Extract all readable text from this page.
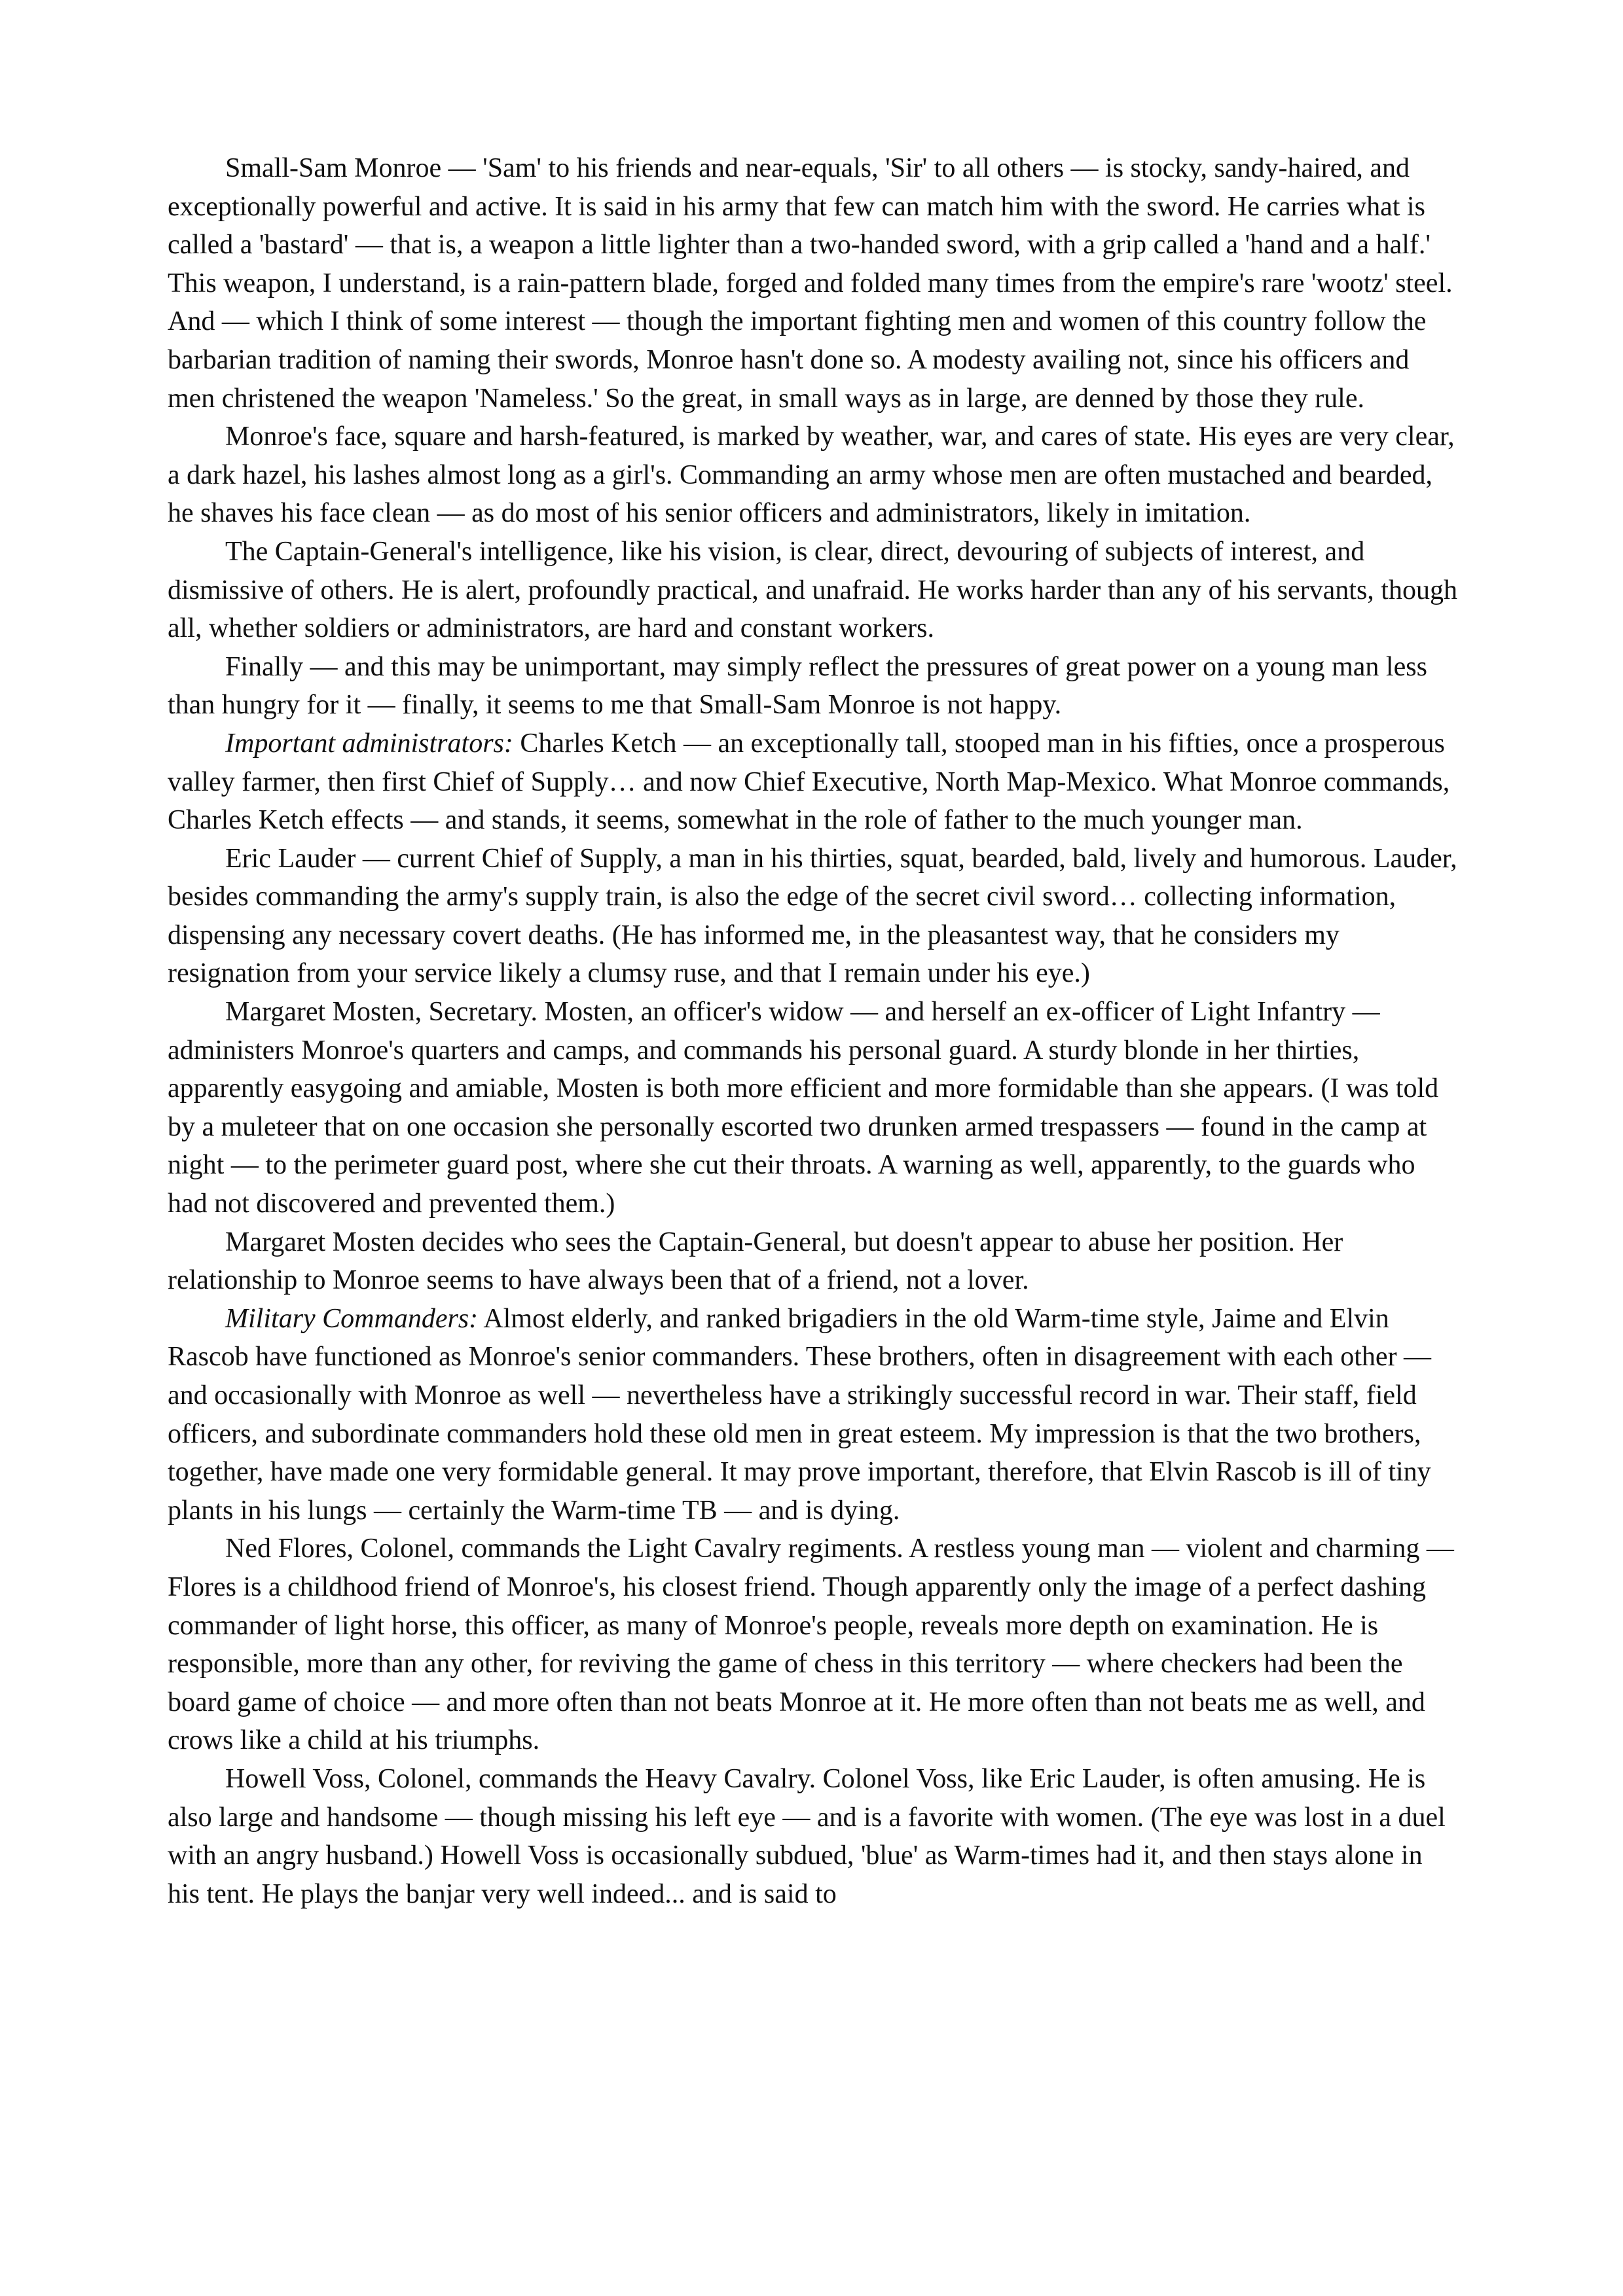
Small-Sam Monroe — 'Sam' to his friends and near-equals, 'Sir' to all others — is stocky, sandy-haired, and exceptionally powerful and active. It is said in his army that few can match him with the sword. He carries what is called a 'bastard' — that is, a weapon a little lighter than a two-handed sword, with a grip called a 'hand and a half.' This weapon, I understand, is a rain-pattern blade, forged and folded many times from the empire's rare 'wootz' steel. And — which I think of some interest — though the important fighting men and women of this country follow the barbarian tradition of naming their swords, Monroe hasn't done so. A modesty availing not, since his officers and men christened the weapon 'Nameless.' So the great, in small ways as in large, are denned by those they rule.

Monroe's face, square and harsh-featured, is marked by weather, war, and cares of state. His eyes are very clear, a dark hazel, his lashes almost long as a girl's. Commanding an army whose men are often mustached and bearded, he shaves his face clean — as do most of his senior officers and administrators, likely in imitation.

The Captain-General's intelligence, like his vision, is clear, direct, devouring of subjects of interest, and dismissive of others. He is alert, profoundly practical, and unafraid. He works harder than any of his servants, though all, whether soldiers or administrators, are hard and constant workers.

Finally — and this may be unimportant, may simply reflect the pressures of great power on a young man less than hungry for it — finally, it seems to me that Small-Sam Monroe is not happy.

Important administrators: Charles Ketch — an exceptionally tall, stooped man in his fifties, once a prosperous valley farmer, then first Chief of Supply… and now Chief Executive, North Map-Mexico. What Monroe commands, Charles Ketch effects — and stands, it seems, somewhat in the role of father to the much younger man.

Eric Lauder — current Chief of Supply, a man in his thirties, squat, bearded, bald, lively and humorous. Lauder, besides commanding the army's supply train, is also the edge of the secret civil sword… collecting information, dispensing any necessary covert deaths. (He has informed me, in the pleasantest way, that he considers my resignation from your service likely a clumsy ruse, and that I remain under his eye.)

Margaret Mosten, Secretary. Mosten, an officer's widow — and herself an ex-officer of Light Infantry — administers Monroe's quarters and camps, and commands his personal guard. A sturdy blonde in her thirties, apparently easygoing and amiable, Mosten is both more efficient and more formidable than she appears. (I was told by a muleteer that on one occasion she personally escorted two drunken armed trespassers — found in the camp at night — to the perimeter guard post, where she cut their throats. A warning as well, apparently, to the guards who had not discovered and prevented them.)

Margaret Mosten decides who sees the Captain-General, but doesn't appear to abuse her position. Her relationship to Monroe seems to have always been that of a friend, not a lover.

Military Commanders: Almost elderly, and ranked brigadiers in the old Warm-time style, Jaime and Elvin Rascob have functioned as Monroe's senior commanders. These brothers, often in disagreement with each other — and occasionally with Monroe as well — nevertheless have a strikingly successful record in war. Their staff, field officers, and subordinate commanders hold these old men in great esteem. My impression is that the two brothers, together, have made one very formidable general. It may prove important, therefore, that Elvin Rascob is ill of tiny plants in his lungs — certainly the Warm-time TB — and is dying.

Ned Flores, Colonel, commands the Light Cavalry regiments. A restless young man — violent and charming — Flores is a childhood friend of Monroe's, his closest friend. Though apparently only the image of a perfect dashing commander of light horse, this officer, as many of Monroe's people, reveals more depth on examination. He is responsible, more than any other, for reviving the game of chess in this territory — where checkers had been the board game of choice — and more often than not beats Monroe at it. He more often than not beats me as well, and crows like a child at his triumphs.

Howell Voss, Colonel, commands the Heavy Cavalry. Colonel Voss, like Eric Lauder, is often amusing. He is also large and handsome — though missing his left eye — and is a favorite with women. (The eye was lost in a duel with an angry husband.) Howell Voss is occasionally subdued, 'blue' as Warm-times had it, and then stays alone in his tent. He plays the banjar very well indeed... and is said to
